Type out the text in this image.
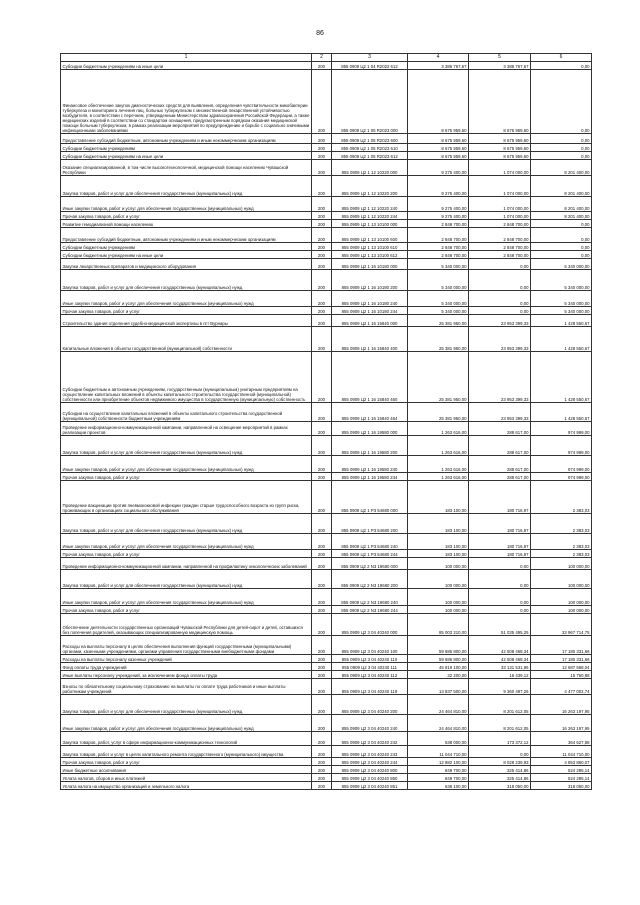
86
1	2	3	4	5	6
Субсидии бюджетным учреждениям на иные цели	200	855 0909 Ц2 1 04 R2022 612	3 386 767,67	3 386 767,67	0,00
Финансовое обеспечение закупок диагностических средств для выявления, определения чувствительности микобактерии туберкулеза и мониторинга лечения лиц, больных туберкулезом с множественной лекарственной устойчивостью возбудителя, в соответствии с перечнем, утвержденным Министерством здравоохранения Российской Федерации, а также медицинских изделий в соответствии со стандартом оснащения, предусмотренным порядком оказания медицинской помощи больным туберкулезом, в рамках реализации мероприятий по предупреждению и борьбе с социально значимыми инфекционными заболеваниями	200	855 0909 Ц2 1 05 R2023 000	8 675 959,60	8 675 959,60	0,00
Предоставление субсидий бюджетным, автономным учреждениям и иным некоммерческим организациям	200	855 0909 Ц2 1 05 R2023 600	8 675 959,60	8 675 959,60	0,00
Субсидии бюджетным учреждениям	200	855 0909 Ц2 1 05 R2023 610	8 675 959,60	8 675 959,60	0,00
Субсидии бюджетным учреждениям на иные цели	200	855 0909 Ц2 1 05 R2023 612	8 675 959,60	8 675 959,60	0,00
Оказание специализированной, в том числе высокотехнологичной, медицинской помощи населению Чувашской Республики	200	855 0909 Ц2 1 12 10220 000	9 275 400,00	1 074 000,00	8 201 400,00
Закупка товаров, работ и услуг для обеспечения государственных (муниципальных) нужд	200	855 0909 Ц2 1 12 10220 200	9 275 400,00	1 074 000,00	8 201 400,00
Иные закупки товаров, работ и услуг для обеспечения государственных (муниципальных) нужд	200	855 0909 Ц2 1 12 10220 240	9 275 400,00	1 074 000,00	8 201 400,00
Прочая закупка товаров, работ и услуг	200	855 0909 Ц2 1 12 10220 244	9 275 400,00	1 074 000,00	8 201 400,00
Развитие гемодиализной помощи населению	200	855 0909 Ц2 1 13 10100 000	2 848 700,00	2 848 700,00	0,00
Предоставление субсидий бюджетным, автономным учреждениям и иным некоммерческим организациям	200	855 0909 Ц2 1 13 10100 600	2 848 700,00	2 848 700,00	0,00
Субсидии бюджетным учреждениям	200	855 0909 Ц2 1 13 10100 610	2 848 700,00	2 848 700,00	0,00
Субсидии бюджетным учреждениям на иные цели	200	855 0909 Ц2 1 13 10100 612	2 848 700,00	2 848 700,00	0,00
Закупки лекарственных препаратов и медицинского оборудования	200	855 0909 Ц2 1 16 10180 000	5 340 000,00	0,00	5 340 000,00
Закупка товаров, работ и услуг для обеспечения государственных (муниципальных) нужд	200	855 0909 Ц2 1 16 10180 200	5 340 000,00	0,00	5 340 000,00
Иные закупки товаров, работ и услуг для обеспечения государственных (муниципальных) нужд	200	855 0909 Ц2 1 16 10180 240	5 340 000,00	0,00	5 340 000,00
Прочая закупка товаров, работ и услуг	200	855 0909 Ц2 1 16 10180 244	5 340 000,00	0,00	5 340 000,00
Строительство здания отделения судебно-медицинской экспертизы в пгт Вурнары	200	855 0909 Ц2 1 16 15840 000	25 381 950,00	23 953 399,33	1 428 550,67
Капитальные вложения в объекты государственной (муниципальной) собственности	200	855 0909 Ц2 1 16 15840 400	25 381 950,00	23 953 399,33	1 428 550,67
Субсидии бюджетным и автономным учреждениям, государственным (муниципальным) унитарным предприятиям на осуществление капитальных вложений в объекты капитального строительства государственной (муниципальной) собственности или приобретение объектов недвижимого имущества в государственную (муниципальную) собственность	200	855 0909 Ц2 1 16 15840 460	25 381 950,00	23 953 399,33	1 428 550,67
Субсидии на осуществление капитальных вложений в объекты капитального строительства государственной (муниципальной) собственности бюджетным учреждениям	200	855 0909 Ц2 1 16 15840 464	25 381 950,00	23 953 399,33	1 428 550,67
Проведение информационно-коммуникационной кампании, направленной на освещение мероприятий в рамках реализации проектов	200	855 0909 Ц2 1 16 19580 000	1 263 616,00	288 617,00	974 999,00
Закупка товаров, работ и услуг для обеспечения государственных (муниципальных) нужд	200	855 0909 Ц2 1 16 19580 200	1 263 616,00	288 617,00	974 999,00
Иные закупки товаров, работ и услуг для обеспечения государственных (муниципальных) нужд	200	855 0909 Ц2 1 16 19580 240	1 263 616,00	288 617,00	974 999,00
Прочая закупка товаров, работ и услуг	200	855 0909 Ц2 1 16 19580 244	1 263 616,00	288 617,00	974 999,00
Проведение вакцинации против пневмококковой инфекции граждан старше трудоспособного возраста из групп риска, проживающих в организациях социального обслуживания	200	855 0909 Ц2 1 P3 54680 000	183 100,00	180 716,97	2 383,03
Закупка товаров, работ и услуг для обеспечения государственных (муниципальных) нужд	200	855 0909 Ц2 1 P3 54680 200	183 100,00	180 716,97	2 383,03
Иные закупки товаров, работ и услуг для обеспечения государственных (муниципальных) нужд	200	855 0909 Ц2 1 P3 54680 240	183 100,00	180 716,97	2 383,03
Прочая закупка товаров, работ и услуг	200	855 0909 Ц2 1 P3 54680 244	183 100,00	180 716,97	2 383,03
Проведение информационно-коммуникационной кампании, направленной на профилактику онкологических заболеваний	200	855 0909 Ц2 2 N3 19680 000	100 000,00	0,00	100 000,00
Закупка товаров, работ и услуг для обеспечения государственных (муниципальных) нужд	200	855 0909 Ц2 2 N3 19680 200	100 000,00	0,00	100 000,00
Иные закупки товаров, работ и услуг для обеспечения государственных (муниципальных) нужд	200	855 0909 Ц2 2 N3 19680 240	100 000,00	0,00	100 000,00
Прочая закупка товаров, работ и услуг	200	855 0909 Ц2 2 N3 19680 244	100 000,00	0,00	100 000,00
Обеспечение деятельности государственных организаций Чувашской Республики для детей-сирот и детей, оставшихся без попечения родителей, оказывающих специализированную медицинскую помощь	200	855 0909 Ц2 3 04 40240 000	85 003 210,00	51 035 495,25	33 967 714,75
Расходы на выплаты персоналу в целях обеспечения выполнения функций государственными (муниципальными) органами, казенными учреждениями, органами управления государственными внебюджетными фондами	200	855 0909 Ц2 3 04 40240 100	59 685 800,00	42 508 468,34	17 180 331,66
Расходы на выплаты персоналу казенных учреждений	200	855 0909 Ц2 3 04 40240 110	59 686 800,00	42 508 468,34	17 180 331,66
Фонд оплаты труда учреждений	200	855 0909 Ц2 3 04 40240 111	45 819 100,00	33 131 531,96	12 687 568,04
Иные выплаты персоналу учреждений, за исключением фонда оплаты труда	200	855 0909 Ц2 3 04 40240 112	32 200,00	16 439,12	15 760,88
Взносы по обязательному социальному страхованию на выплаты по оплате труда работников и иные выплаты работникам учреждений	200	855 0909 Ц2 3 04 40240 119	13 837 500,00	9 360 497,26	4 477 002,74
Закупка товаров, работ и услуг для обеспечения государственных (муниципальных) нужд	200	855 0909 Ц2 3 04 40240 200	24 464 810,00	8 201 612,05	16 263 197,95
Иные закупки товаров, работ и услуг для обеспечения государственных (муниципальных) нужд	200	855 0909 Ц2 3 04 40240 240	24 464 810,00	8 201 612,05	16 263 197,95
Закупка товаров, работ, услуг в сфере информационно-коммуникационных технологий	200	855 0909 Ц2 3 04 40240 242	538 000,00	173 372,12	364 627,88
Закупка товаров, работ и услуг в целях капитального ремонта государственного (муниципального) имущества	200	855 0909 Ц2 3 04 40240 243	11 044 710,00	0,00	11 044 710,00
Прочая закупка товаров, работ и услуг	200	855 0909 Ц2 3 04 40240 244	12 882 100,00	8 028 239,93	4 853 860,07
Иные бюджетные ассигнования	200	855 0909 Ц2 3 04 40240 800	849 700,00	325 414,86	524 285,14
Уплата налогов, сборов и иных платежей	200	855 0909 Ц2 3 04 40240 850	849 700,00	325 414,86	524 285,14
Уплата налога на имущество организаций и земельного налога	200	855 0909 Ц2 3 04 40240 851	636 100,00	318 050,00	318 050,00
